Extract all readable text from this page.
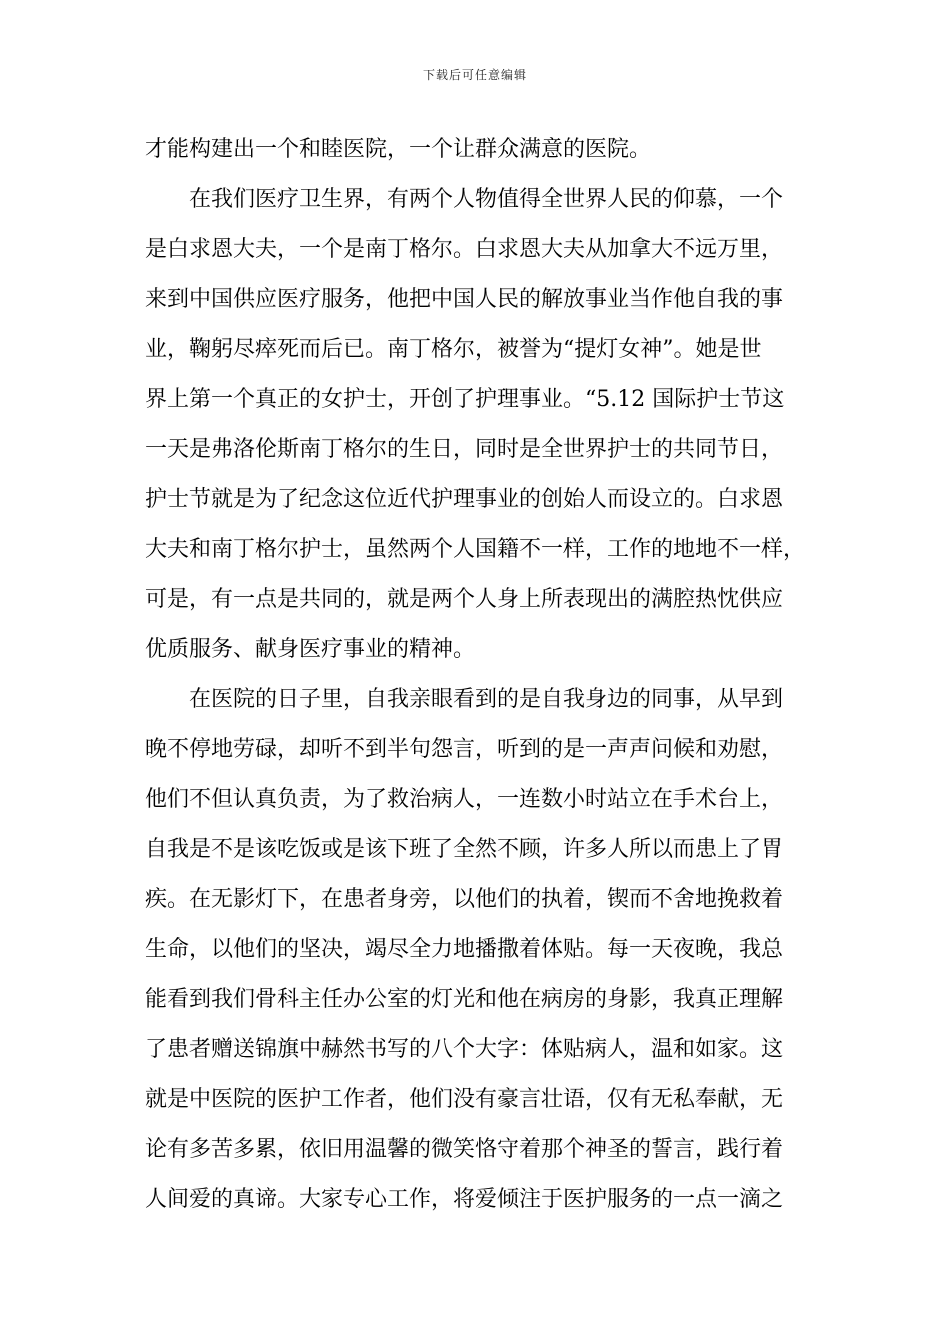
下载后可任意编辑
才能构建出一个和睦医院，一个让群众满意的医院。
在我们医疗卫生界，有两个人物值得全世界人民的仰慕，一个
是白求恩大夫，一个是南丁格尔。白求恩大夫从加拿大不远万里，
来到中国供应医疗服务，他把中国人民的解放事业当作他自我的事
业，鞠躬尽瘁死而后已。南丁格尔，被誉为“提灯女神”。她是世
界上第一个真正的女护士，开创了护理事业。“5.12 国际护士节这
一天是弗洛伦斯南丁格尔的生日，同时是全世界护士的共同节日，
护士节就是为了纪念这位近代护理事业的创始人而设立的。白求恩
大夫和南丁格尔护士，虽然两个人国籍不一样，工作的地地不一样，
可是，有一点是共同的，就是两个人身上所表现出的满腔热忱供应
优质服务、献身医疗事业的精神。
在医院的日子里，自我亲眼看到的是自我身边的同事，从早到
晚不停地劳碌，却听不到半句怨言，听到的是一声声问候和劝慰，
他们不但认真负责，为了救治病人，一连数小时站立在手术台上，
自我是不是该吃饭或是该下班了全然不顾，许多人所以而患上了胃
疾。在无影灯下，在患者身旁，以他们的执着，锲而不舍地挽救着
生命，以他们的坚决，竭尽全力地播撒着体贴。每一天夜晚，我总
能看到我们骨科主任办公室的灯光和他在病房的身影，我真正理解
了患者赠送锦旗中赫然书写的八个大字：体贴病人，温和如家。这
就是中医院的医护工作者，他们没有豪言壮语，仅有无私奉献，无
论有多苦多累，依旧用温馨的微笑恪守着那个神圣的誓言，践行着
人间爱的真谛。大家专心工作，将爱倾注于医护服务的一点一滴之
